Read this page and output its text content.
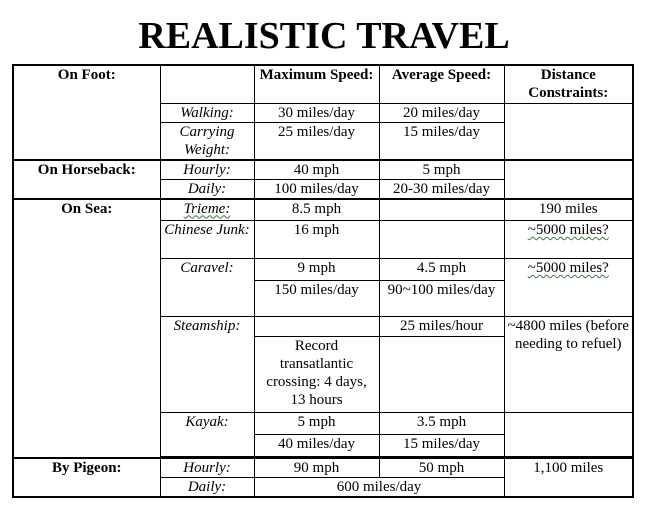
REALISTIC TRAVEL
On Foot:		Maximum Speed:	Average Speed:	Distance Constraints:
	Walking:	30 miles/day	20 miles/day	
	Carrying Weight:	25 miles/day	15 miles/day	
On Horseback:	Hourly:	40 mph	5 mph	
	Daily:	100 miles/day	20-30 miles/day	
On Sea:	Trieme:	8.5 mph		190 miles
	Chinese Junk:	16 mph		~5000 miles?
	Caravel:	9 mph	4.5 mph	~5000 miles?
		150 miles/day	90~100 miles/day	
	Steamship:		25 miles/hour	~4800 miles (before needing to refuel)
		Record transatlantic crossing: 4 days, 13 hours		
	Kayak:	5 mph	3.5 mph	
		40 miles/day	15 miles/day	

By Pigeon:	Hourly:	90 mph	50 mph	1,100 miles
	Daily:	600 miles/day		
